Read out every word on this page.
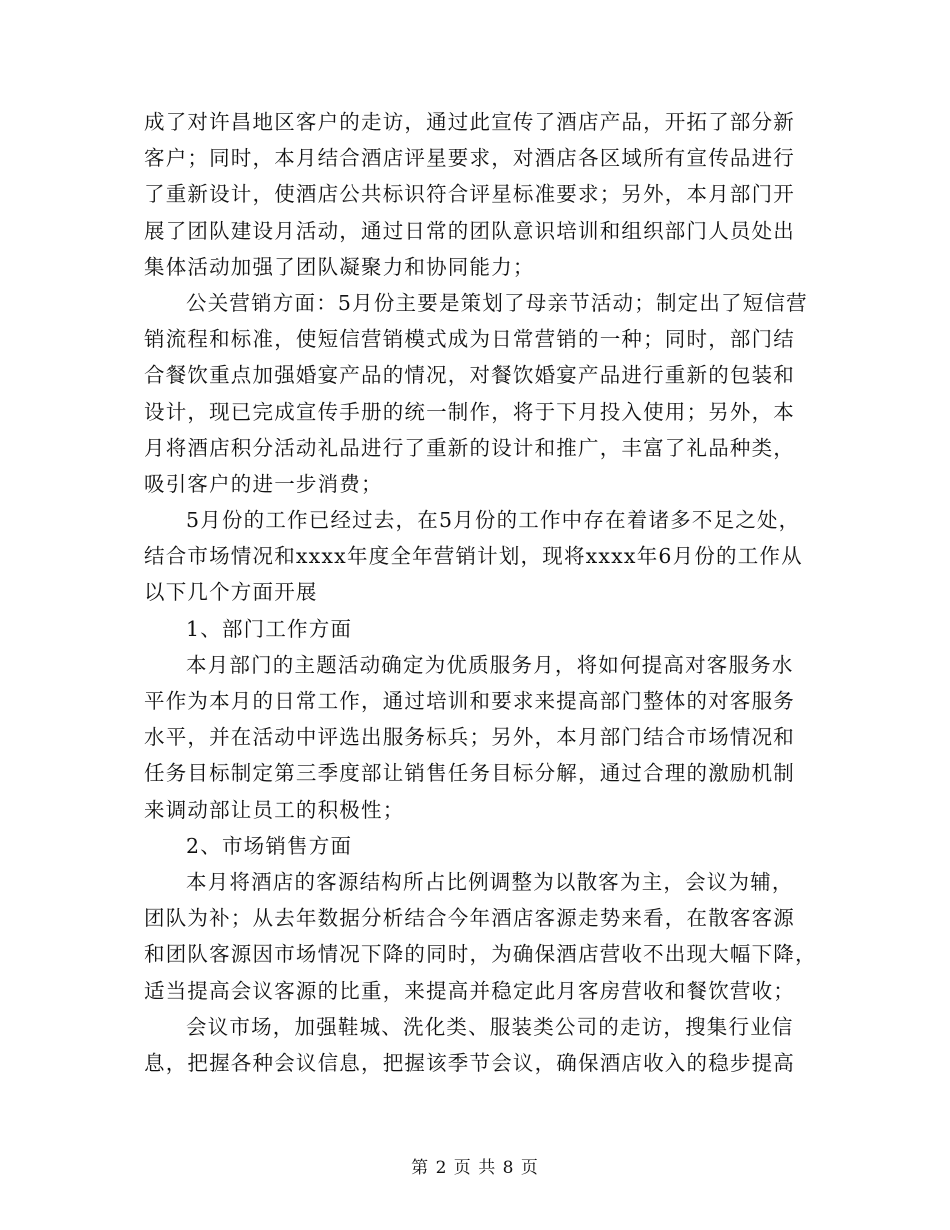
成了对许昌地区客户的走访，通过此宣传了酒店产品，开拓了部分新
客户；同时，本月结合酒店评星要求，对酒店各区域所有宣传品进行
了重新设计，使酒店公共标识符合评星标准要求；另外，本月部门开
展了团队建设月活动，通过日常的团队意识培训和组织部门人员处出
集体活动加强了团队凝聚力和协同能力；
公关营销方面：5月份主要是策划了母亲节活动；制定出了短信营
销流程和标准，使短信营销模式成为日常营销的一种；同时，部门结
合餐饮重点加强婚宴产品的情况，对餐饮婚宴产品进行重新的包装和
设计，现已完成宣传手册的统一制作，将于下月投入使用；另外，本
月将酒店积分活动礼品进行了重新的设计和推广，丰富了礼品种类，
吸引客户的进一步消费；
5月份的工作已经过去，在5月份的工作中存在着诸多不足之处，
结合市场情况和xxxx年度全年营销计划，现将xxxx年6月份的工作从
以下几个方面开展
1、部门工作方面
本月部门的主题活动确定为优质服务月，将如何提高对客服务水
平作为本月的日常工作，通过培训和要求来提高部门整体的对客服务
水平，并在活动中评选出服务标兵；另外，本月部门结合市场情况和
任务目标制定第三季度部让销售任务目标分解，通过合理的激励机制
来调动部让员工的积极性；
2、市场销售方面
本月将酒店的客源结构所占比例调整为以散客为主，会议为辅，
团队为补；从去年数据分析结合今年酒店客源走势来看，在散客客源
和团队客源因市场情况下降的同时，为确保酒店营收不出现大幅下降，
适当提高会议客源的比重，来提高并稳定此月客房营收和餐饮营收；
会议市场，加强鞋城、洗化类、服装类公司的走访，搜集行业信
息，把握各种会议信息，把握该季节会议，确保酒店收入的稳步提高
第 2 页 共 8 页
